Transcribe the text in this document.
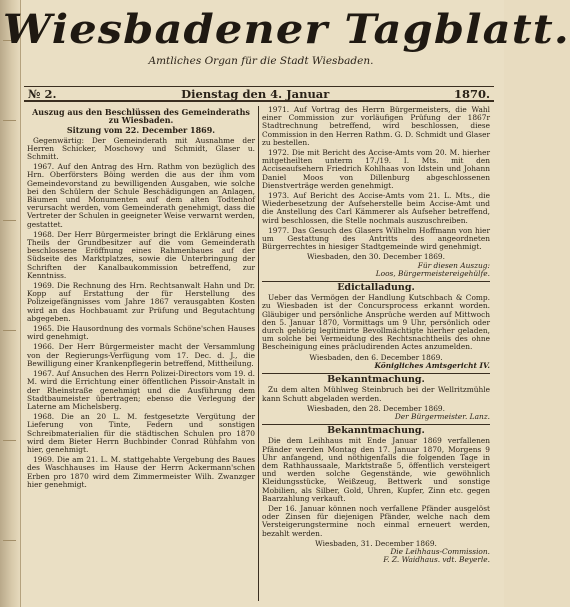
Wiesbadener Tagblatt.
Amtliches Organ für die Stadt Wiesbaden.
№ 2.	Dienstag den 4. Januar	1870.
Auszug aus den Beschlüssen des Gemeinderaths zu Wiesbaden.
Sitzung vom 22. December 1869.

Gegenwärtig: Der Gemeinderath mit Ausnahme der Herren Schicker, Moschowy und Schmidt, Glaser u. Schmitt.

1967. Auf den Antrag des Hrn. Rathm von bezüglich des Hrn. Oberförsters Böing werden die aus der ihm vom Gemeindevorstand zu bewilligenden Ausgaben, wie solche bei den Schülern der Schule Beschädigungen an Anlagen, Bäumen und Monumenten auf dem alten Todtenhof verursacht werden, vom Gemeinderath genehmigt, dass die Vertreter der Schulen in geeigneter Weise verwarnt werden, gestattet.

1968. Der Herr Bürgermeister bringt die Erklärung eines Theils der Grundbesitzer auf die vom Gemeinderath beschlossene Eröffnung eines Rahmenbaues auf der Südseite des Marktplatzes, sowie die Unterbringung der Schriften der Kanalbaukommission betreffend, zur Kenntniss.

1969. Die Rechnung des Hrn. Rechtsanwalt Hahn und Dr. Kopp auf Erstattung der für Herstellung des Polizeigefängnisses vom Jahre 1867 verausgabten Kosten wird an das Hochbauamt zur Prüfung und Begutachtung abgegeben.

1965. Die Hausordnung des vormals Schöne'schen Hauses wird genehmigt.

1966. Der Herr Bürgermeister macht der Versammlung von der Regierungs-Verfügung vom 17. Dec. d. J., die Bewilligung einer Krankenpflegerin betreffend, Mittheilung.

1967. Auf Ansuchen des Herrn Polizei-Directors vom 19. d. M. wird die Errichtung einer öffentlichen Pissoir-Anstalt in der Rheinstraße genehmigt und die Ausführung dem Stadtbaumeister übertragen; ebenso die Verlegung der Laterne am Michelsberg.

1968. Die an 20 L. M. festgesetzte Vergütung der Lieferung von Tinte, Federn und sonstigen Schreibmaterialien für die städtischen Schulen pro 1870 wird dem Bieter Herrn Buchbinder Conrad Rühfahm von hier, genehmigt.

1969. Die am 21. L. M. stattgehabte Vergebung des Baues des Waschhauses im Hause der Herrn Ackermann'schen Erben pro 1870 wird dem Zimmermeister Wilh. Zwanzger hier genehmigt.

1971. Auf Vortrag des Herrn Bürgermeisters, die Wahl einer Commission zur vorläufigen Prüfung der 1867r Stadtrechnung betreffend, wird beschlossen, diese Commission in den Herren Rathm. G. D. Schmidt und Glaser zu bestellen.

1972. Die mit Bericht des Accise-Amts vom 20. M. hierher mitgetheilten unterm 17./19. I. Mts. mit den Acciseaufsehern Friedrich Kohlhaas von Idstein und Johann Daniel Moos von Dillenburg abgeschlossenen Dienstverträge werden genehmigt.

1973. Auf Bericht des Accise-Amts vom 21. L. Mts., die Wiederbesetzung der Aufseherstelle beim Accise-Amt und die Anstellung des Carl Kämmerer als Aufseher betreffend, wird beschlossen, die Stelle nochmals auszuschreiben.

1977. Das Gesuch des Glasers Wilhelm Hoffmann von hier um Gestattung des Antritts des angeordneten Bürgerrechtes in hiesiger Stadtgemeinde wird genehmigt.

Wiesbaden, den 30. December 1869.
Für diesen Auszug:
Loos, Bürgermeistereigehülfe.
Edictalladung.

Ueber das Vermögen der Handlung Kutschbach & Comp. zu Wiesbaden ist der Concursprocess erkannt worden. Gläubiger und persönliche Ansprüche werden auf Mittwoch den 5. Januar 1870, Vormittags um 9 Uhr, persönlich oder durch gehörig legitimirte Bevollmächtigte hierher geladen, um solche bei Vermeidung des Rechtsnachtheils des ohne Bescheinigung eines präcludirenden Actes anzumelden.

Wiesbaden, den 6. December 1869.
Königliches Amtsgericht IV.
Bekanntmachung.

Zu dem alten Mühlweg Steinbruch bei der Wellritzmühle kann Schutt abgeladen werden.

Wiesbaden, den 28. December 1869.
Der Bürgermeister. Lanz.
Bekanntmachung.

Die dem Leihhaus mit Ende Januar 1869 verfallenen Pfänder werden Montag den 17. Januar 1870, Morgens 9 Uhr anfangend, und nöthigenfalls die folgenden Tage in dem Rathhaussaale, Marktstraße 5, öffentlich versteigert und werden solche Gegenstände, wie gewöhnlich Kleidungsstücke, Weißzeug, Bettwerk und sonstige Mobilien, als Silber, Gold, Uhren, Kupfer, Zinn etc. gegen Baarzahlung verkauft.

Der 16. Januar können noch verfallene Pfänder ausgelöst oder Zinsen für diejenigen Pfänder, welche nach dem Versteigerungstermine noch einmal erneuert werden, bezahlt werden.

Wiesbaden, 31. December 1869.
Die Leihhaus-Commission.
F. Z. Waidhaus. vdt. Beyerle.
